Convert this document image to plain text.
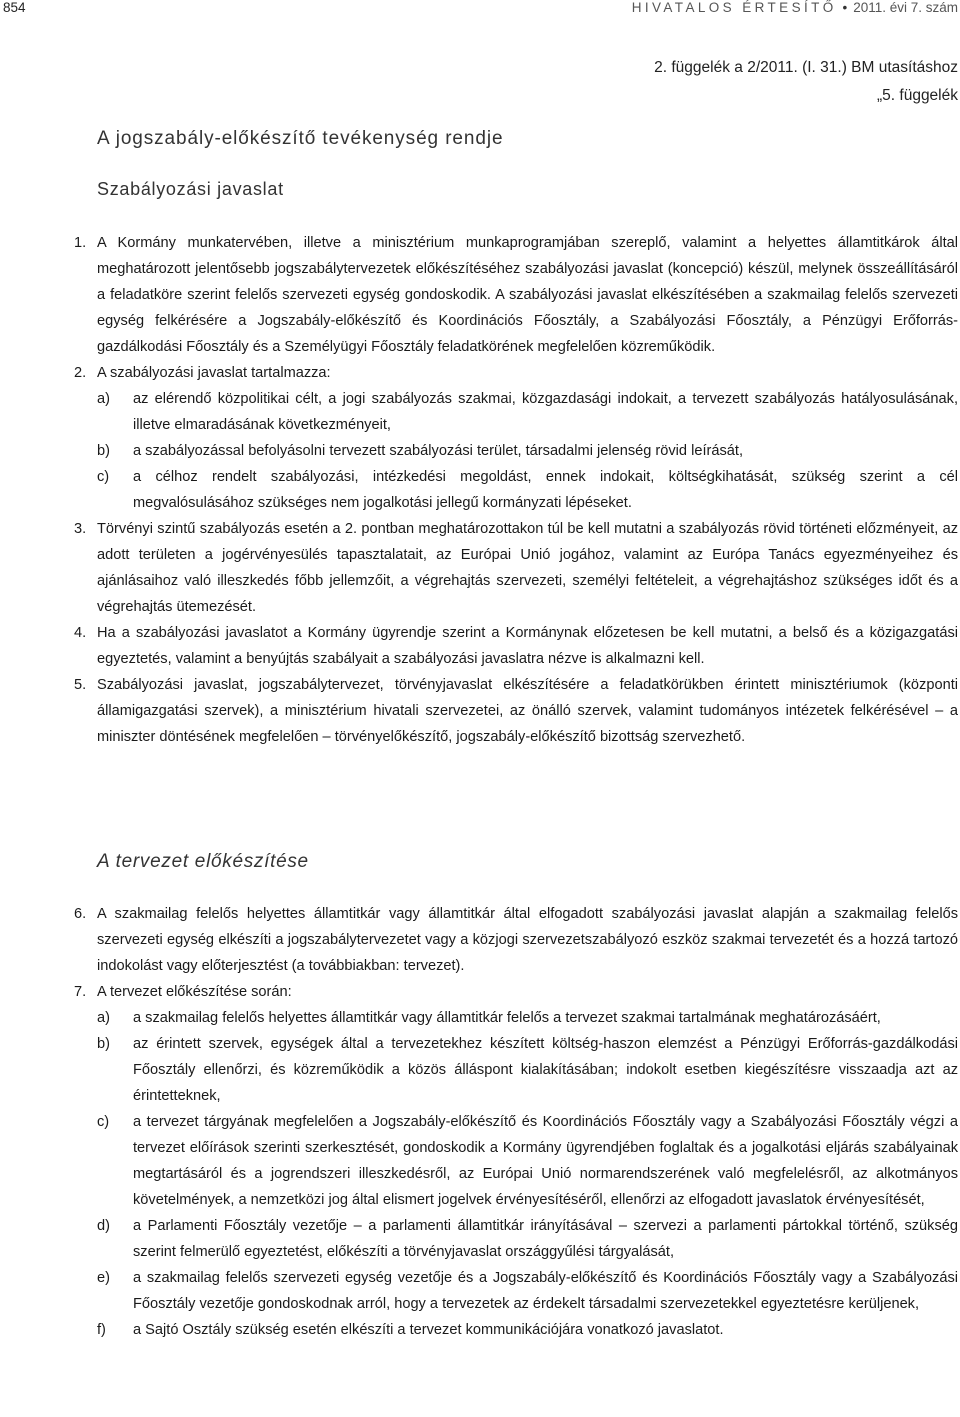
854	HIVATALOS ÉRTESÍTŐ • 2011. évi 7. szám
2. függelék a 2/2011. (I. 31.) BM utasításhoz
„5. függelék
A jogszabály-előkészítő tevékenység rendje
Szabályozási javaslat
1. A Kormány munkatervében, illetve a minisztérium munkaprogramjában szereplő, valamint a helyettes államtitkárok által meghatározott jelentősebb jogszabálytervezetek előkészítéséhez szabályozási javaslat (koncepció) készül, melynek összeállításáról a feladatköre szerint felelős szervezeti egység gondoskodik. A szabályozási javaslat elkészítésében a szakmailag felelős szervezeti egység felkérésére a Jogszabály-előkészítő és Koordinációs Főosztály, a Szabályozási Főosztály, a Pénzügyi Erőforrás-gazdálkodási Főosztály és a Személyügyi Főosztály feladatkörének megfelelően közreműködik.
2. A szabályozási javaslat tartalmazza:
a) az elérendő közpolitikai célt, a jogi szabályozás szakmai, közgazdasági indokait, a tervezett szabályozás hatályosulásának, illetve elmaradásának következményeit,
b) a szabályozással befolyásolni tervezett szabályozási terület, társadalmi jelenség rövid leírását,
c) a célhoz rendelt szabályozási, intézkedési megoldást, ennek indokait, költségkihatását, szükség szerint a cél megvalósulásához szükséges nem jogalkotási jellegű kormányzati lépéseket.
3. Törvényi szintű szabályozás esetén a 2. pontban meghatározottakon túl be kell mutatni a szabályozás rövid történeti előzményeit, az adott területen a jogérvényesülés tapasztalatait, az Európai Unió jogához, valamint az Európa Tanács egyezményeihez és ajánlásaihoz való illeszkedés főbb jellemzőit, a végrehajtás szervezeti, személyi feltételeit, a végrehajtáshoz szükséges időt és a végrehajtás ütemezését.
4. Ha a szabályozási javaslatot a Kormány ügyrendje szerint a Kormánynak előzetesen be kell mutatni, a belső és a közigazgatási egyeztetés, valamint a benyújtás szabályait a szabályozási javaslatra nézve is alkalmazni kell.
5. Szabályozási javaslat, jogszabálytervezet, törvényjavaslat elkészítésére a feladatkörükben érintett minisztériumok (központi államigazgatási szervek), a minisztérium hivatali szervezetei, az önálló szervek, valamint tudományos intézetek felkérésével – a miniszter döntésének megfelelően – törvényelőkészítő, jogszabály-előkészítő bizottság szervezhető.
A tervezet előkészítése
6. A szakmailag felelős helyettes államtitkár vagy államtitkár által elfogadott szabályozási javaslat alapján a szakmailag felelős szervezeti egység elkészíti a jogszabálytervezetet vagy a közjogi szervezetszabályozó eszköz szakmai tervezetét és a hozzá tartozó indokolást vagy előterjesztést (a továbbiakban: tervezet).
7. A tervezet előkészítése során:
a) a szakmailag felelős helyettes államtitkár vagy államtitkár felelős a tervezet szakmai tartalmának meghatározásáért,
b) az érintett szervek, egységek által a tervezetekhez készített költség-haszon elemzést a Pénzügyi Erőforrás-gazdálkodási Főosztály ellenőrzi, és közreműködik a közös álláspont kialakításában; indokolt esetben kiegészítésre visszaadja azt az érintetteknek,
c) a tervezet tárgyának megfelelően a Jogszabály-előkészítő és Koordinációs Főosztály vagy a Szabályozási Főosztály végzi a tervezet előírások szerinti szerkesztését, gondoskodik a Kormány ügyrendjében foglaltak és a jogalkotási eljárás szabályainak megtartásáról és a jogrendszeri illeszkedésről, az Európai Unió normarendszerének való megfelelésről, az alkotmányos követelmények, a nemzetközi jog által elismert jogelvek érvényesítéséről, ellenőrzi az elfogadott javaslatok érvényesítését,
d) a Parlamenti Főosztály vezetője – a parlamenti államtitkár irányításával – szervezi a parlamenti pártokkal történő, szükség szerint felmerülő egyeztetést, előkészíti a törvényjavaslat országgyűlési tárgyalását,
e) a szakmailag felelős szervezeti egység vezetője és a Jogszabály-előkészítő és Koordinációs Főosztály vagy a Szabályozási Főosztály vezetője gondoskodnak arról, hogy a tervezetek az érdekelt társadalmi szervezetekkel egyeztetésre kerüljenek,
f) a Sajtó Osztály szükség esetén elkészíti a tervezet kommunikációjára vonatkozó javaslatot.
